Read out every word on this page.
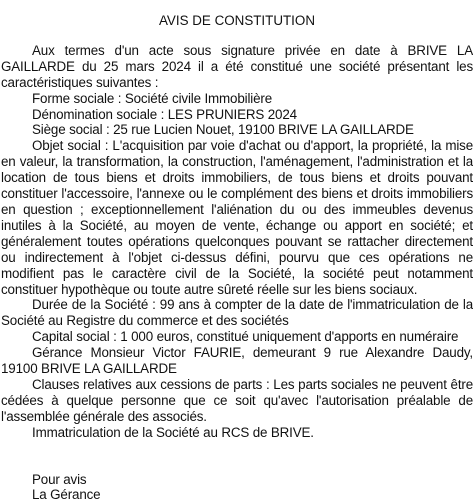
AVIS DE CONSTITUTION

Aux termes d'un acte sous signature privée en date à BRIVE LA GAILLARDE du 25 mars 2024 il a été constitué une société présentant les caractéristiques suivantes :

Forme sociale : Société civile Immobilière

Dénomination sociale : LES PRUNIERS 2024

Siège social : 25 rue Lucien Nouet, 19100 BRIVE LA GAILLARDE

Objet social : L'acquisition par voie d'achat ou d'apport, la propriété, la mise en valeur, la transformation, la construction, l'aménagement, l'administration et la location de tous biens et droits immobiliers, de tous biens et droits pouvant constituer l'accessoire, l'annexe ou le complément des biens et droits immobiliers en question ; exceptionnellement l'aliénation du ou des immeubles devenus inutiles à la Société, au moyen de vente, échange ou apport en société; et généralement toutes opérations quelconques pouvant se rattacher directement ou indirectement à l'objet ci-dessus défini, pourvu que ces opérations ne modifient pas le caractère civil de la Société, la société peut notamment constituer hypothèque ou toute autre sûreté réelle sur les biens sociaux.

Durée de la Société : 99 ans à compter de la date de l'immatriculation de la Société au Registre du commerce et des sociétés

Capital social : 1 000 euros, constitué uniquement d'apports en numéraire

Gérance Monsieur Victor FAURIE, demeurant 9 rue Alexandre Daudy, 19100 BRIVE LA GAILLARDE

Clauses relatives aux cessions de parts : Les parts sociales ne peuvent être cédées à quelque personne que ce soit qu'avec l'autorisation préalable de l'assemblée générale des associés.

Immatriculation de la Société au RCS de BRIVE.

Pour avis

La Gérance
